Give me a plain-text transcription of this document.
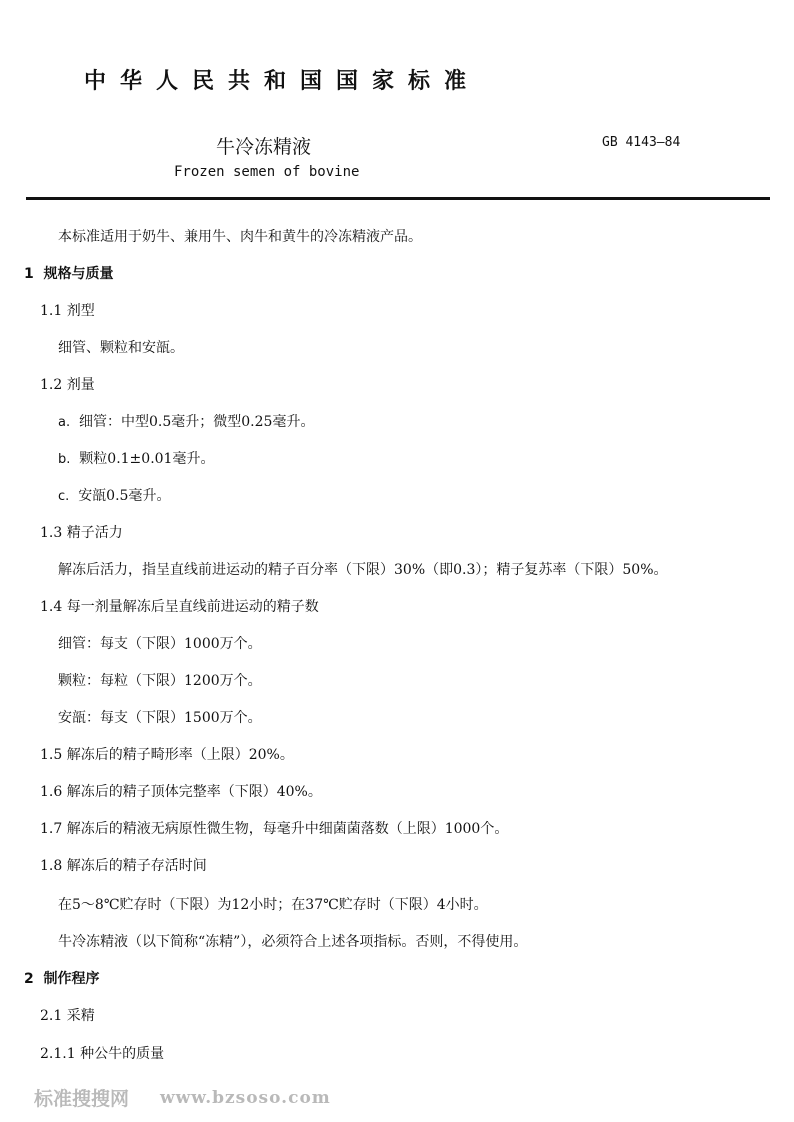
中华人民共和国国家标准
牛冷冻精液	GB 4143—84
Frozen semen of bovine
本标准适用于奶牛、兼用牛、肉牛和黄牛的冷冻精液产品。
1 规格与质量
1.1 剂型
细管、颗粒和安瓿。
1.2 剂量
a. 细管：中型0.5毫升；微型0.25毫升。
b. 颗粒0.1±0.01毫升。
c. 安瓿0.5毫升。
1.3 精子活力
解冻后活力，指呈直线前进运动的精子百分率（下限）30%（即0.3）；精子复苏率（下限）50%。
1.4 每一剂量解冻后呈直线前进运动的精子数
细管：每支（下限）1000万个。
颗粒：每粒（下限）1200万个。
安瓿：每支（下限）1500万个。
1.5 解冻后的精子畸形率（上限）20%。
1.6 解冻后的精子顶体完整率（下限）40%。
1.7 解冻后的精液无病原性微生物，每毫升中细菌菌落数（上限）1000个。
1.8 解冻后的精子存活时间
在5～8℃贮存时（下限）为12小时；在37℃贮存时（下限）4小时。
牛冷冻精液（以下简称“冻精”），必须符合上述各项指标。否则，不得使用。
2 制作程序
2.1 采精
2.1.1 种公牛的质量
标准搜搜网 www.bzsoso.com
